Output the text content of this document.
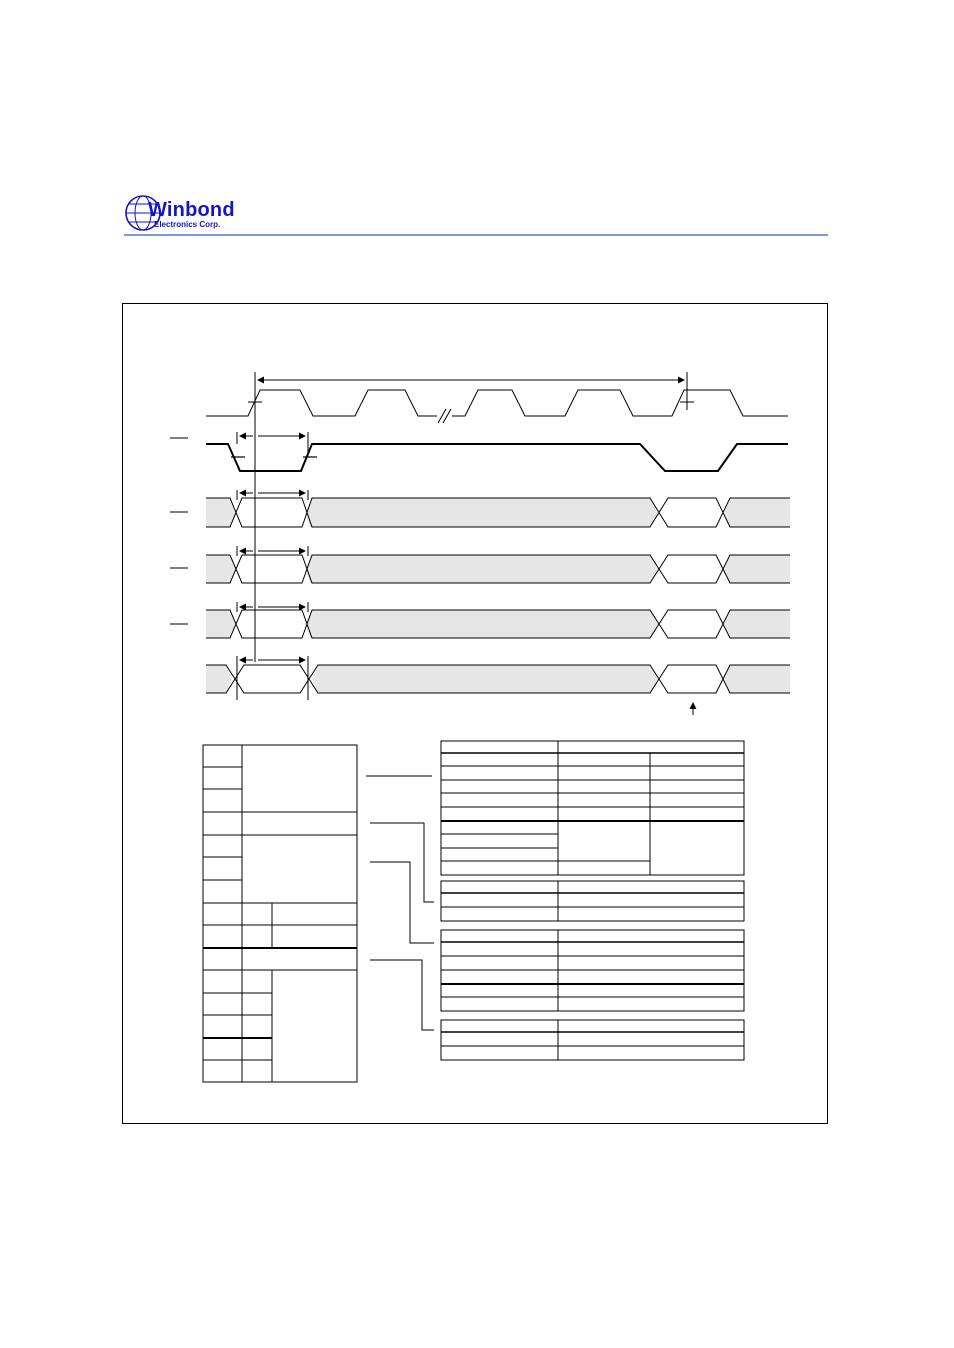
Winbond
Electronics Corp.
